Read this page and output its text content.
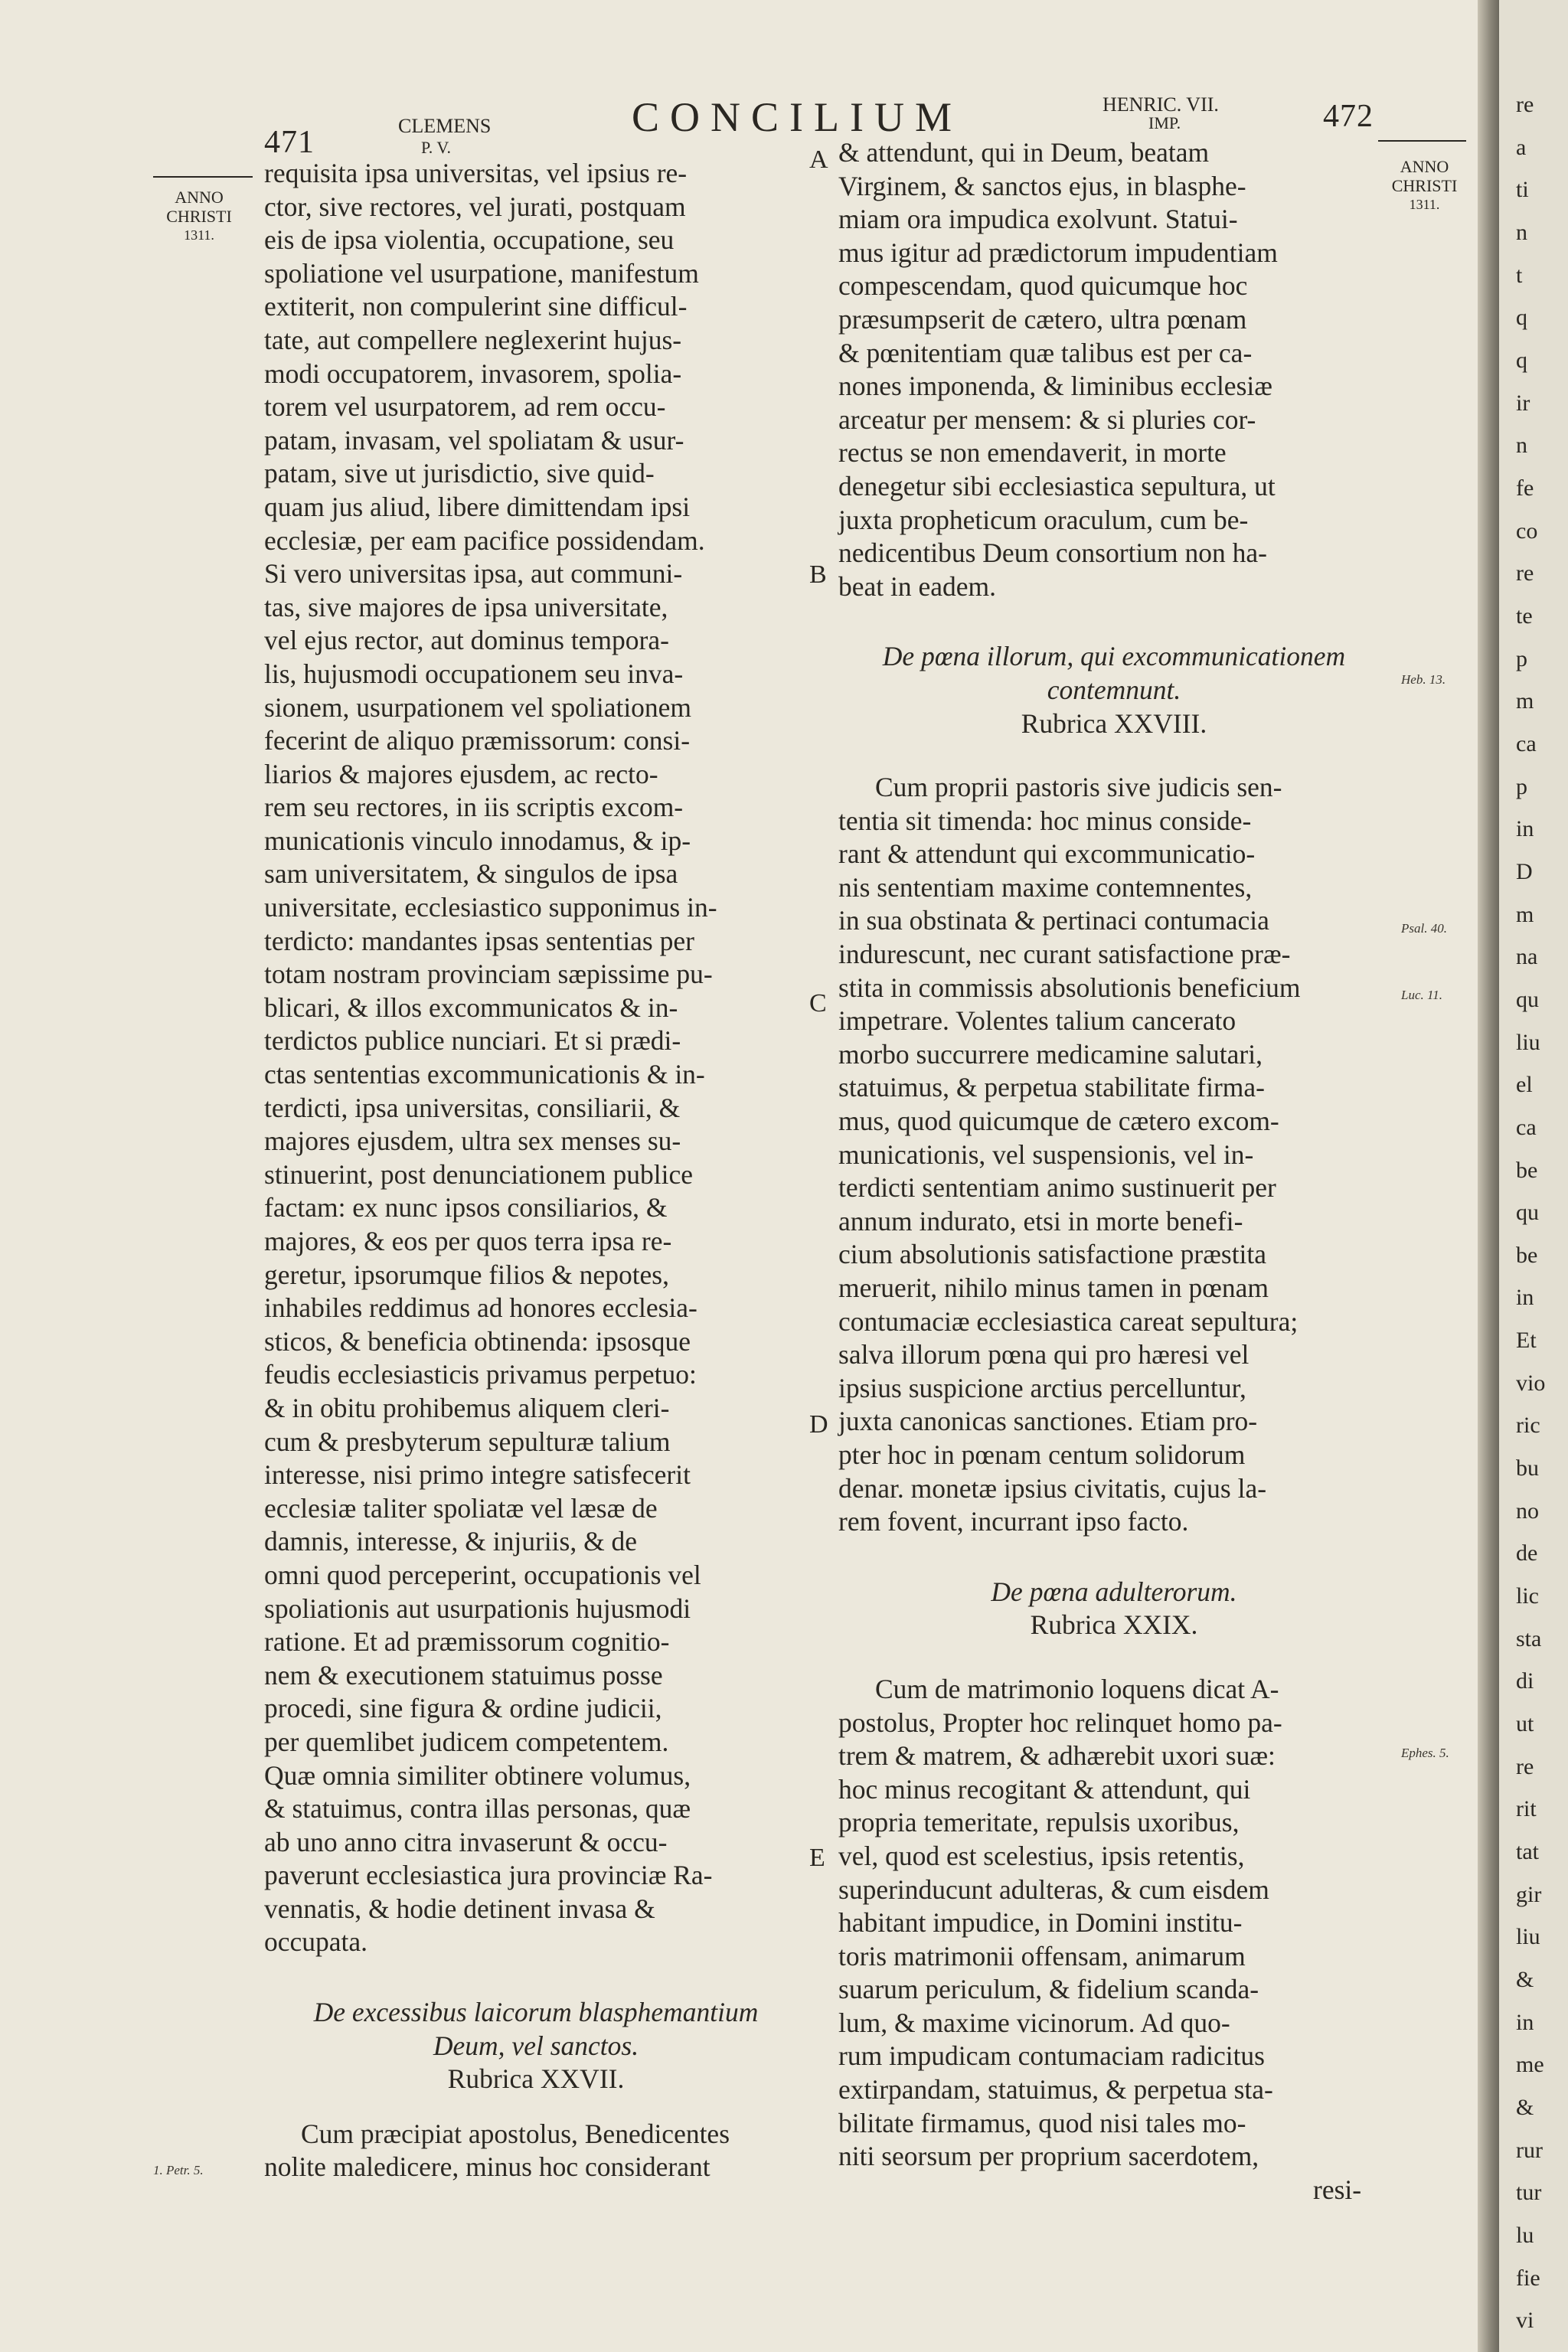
471	CLEMENS
P. V.
CONCILIUM	HENRIC. VII.
IMP.	472
ANNO
CHRISTI
1311.
ANNO
CHRISTI
1311.
requisita ipsa universitas, vel ipsius re-
ctor, sive rectores, vel jurati, postquam
eis de ipsa violentia, occupatione, seu
spoliatione vel usurpatione, manifestum
extiterit, non compulerint sine difficul-
tate, aut compellere neglexerint hujus-
modi occupatorem, invasorem, spolia-
torem vel usurpatorem, ad rem occu-
patam, invasam, vel spoliatam & usur-
patam, sive ut jurisdictio, sive quid-
quam jus aliud, libere dimittendam ipsi
ecclesiæ, per eam pacifice possidendam.
Si vero universitas ipsa, aut communi-
tas, sive majores de ipsa universitate,
vel ejus rector, aut dominus tempora-
lis, hujusmodi occupationem seu inva-
sionem, usurpationem vel spoliationem
fecerint de aliquo præmissorum: consi-
liarios & majores ejusdem, ac recto-
rem seu rectores, in iis scriptis excom-
municationis vinculo innodamus, & ip-
sam universitatem, & singulos de ipsa
universitate, ecclesiastico supponimus in-
terdicto: mandantes ipsas sententias per
totam nostram provinciam sæpissime pu-
blicari, & illos excommunicatos & in-
terdictos publice nunciari. Et si prædi-
ctas sententias excommunicationis & in-
terdicti, ipsa universitas, consiliarii, &
majores ejusdem, ultra sex menses su-
stinuerint, post denunciationem publice
factam: ex nunc ipsos consiliarios, &
majores, & eos per quos terra ipsa re-
geretur, ipsorumque filios & nepotes,
inhabiles reddimus ad honores ecclesia-
sticos, & beneficia obtinenda: ipsosque
feudis ecclesiasticis privamus perpetuo:
& in obitu prohibemus aliquem cleri-
cum & presbyterum sepulturæ talium
interesse, nisi primo integre satisfecerit
ecclesiæ taliter spoliatæ vel læsæ de
damnis, interesse, & injuriis, & de
omni quod perceperint, occupationis vel
spoliationis aut usurpationis hujusmodi
ratione. Et ad præmissorum cognitio-
nem & executionem statuimus posse
procedi, sine figura & ordine judicii,
per quemlibet judicem competentem.
Quæ omnia similiter obtinere volumus,
& statuimus, contra illas personas, quæ
ab uno anno citra invaserunt & occu-
paverunt ecclesiastica jura provinciæ Ra-
vennatis, & hodie detinent invasa &
occupata.
De excessibus laicorum blasphemantium
Deum, vel sanctos.
Rubrica XXVII.
Cum præcipiat apostolus, Benedicentes
nolite maledicere, minus hoc considerant
& attendunt, qui in Deum, beatam
Virginem, & sanctos ejus, in blasphe-
miam ora impudica exolvunt. Statui-
mus igitur ad prædictorum impudentiam
compescendam, quod quicumque hoc
præsumpserit de cætero, ultra pœnam
& pœnitentiam quæ talibus est per ca-
nones imponenda, & liminibus ecclesiæ
arceatur per mensem: & si pluries cor-
rectus se non emendaverit, in morte
denegetur sibi ecclesiastica sepultura, ut
juxta propheticum oraculum, cum be-
nedicentibus Deum consortium non ha-
beat in eadem.
De pœna illorum, qui excommunicationem
contemnunt.
Rubrica XXVIII.
Cum proprii pastoris sive judicis sen-
tentia sit timenda: hoc minus conside-
rant & attendunt qui excommunicatio-
nis sententiam maxime contemnentes,
in sua obstinata & pertinaci contumacia
indurescunt, nec curant satisfactione præ-
stita in commissis absolutionis beneficium
impetrare. Volentes talium cancerato
morbo succurrere medicamine salutari,
statuimus, & perpetua stabilitate firma-
mus, quod quicumque de cætero excom-
municationis, vel suspensionis, vel in-
terdicti sententiam animo sustinuerit per
annum indurato, etsi in morte benefi-
cium absolutionis satisfactione præstita
meruerit, nihilo minus tamen in pœnam
contumaciæ ecclesiastica careat sepultura;
salva illorum pœna qui pro hæresi vel
ipsius suspicione arctius percelluntur,
juxta canonicas sanctiones. Etiam pro-
pter hoc in pœnam centum solidorum
denar. monetæ ipsius civitatis, cujus la-
rem fovent, incurrant ipso facto.
De pœna adulterorum.
Rubrica XXIX.
Cum de matrimonio loquens dicat A-
postolus, Propter hoc relinquet homo pa-
trem & matrem, & adhærebit uxori suæ:
hoc minus recogitant & attendunt, qui
propria temeritate, repulsis uxoribus,
vel, quod est scelestius, ipsis retentis,
superinducunt adulteras, & cum eisdem
habitant impudice, in Domini institu-
toris matrimonii offensam, animarum
suarum periculum, & fidelium scanda-
lum, & maxime vicinorum. Ad quo-
rum impudicam contumaciam radicitus
extirpandam, statuimus, & perpetua sta-
bilitate firmamus, quod nisi tales mo-
niti seorsum per proprium sacerdotem,
resi-
A
B
C
D
E
1. Petr. 5.
Heb. 13.
Psal. 40.
Luc. 11.
Ephes. 5.
re
a
ti
n
t
q
q
ir
n
fe
co
re
te
p
m
ca
p
in
D
m
na
qu
liu
el
ca
be
qu
be
in
Et
vio
ric
bu
no
de
lic
sta
di
ut
re
rit
tat
gir
liu
&
in
me
&
rur
tur
lu
fie
vi
